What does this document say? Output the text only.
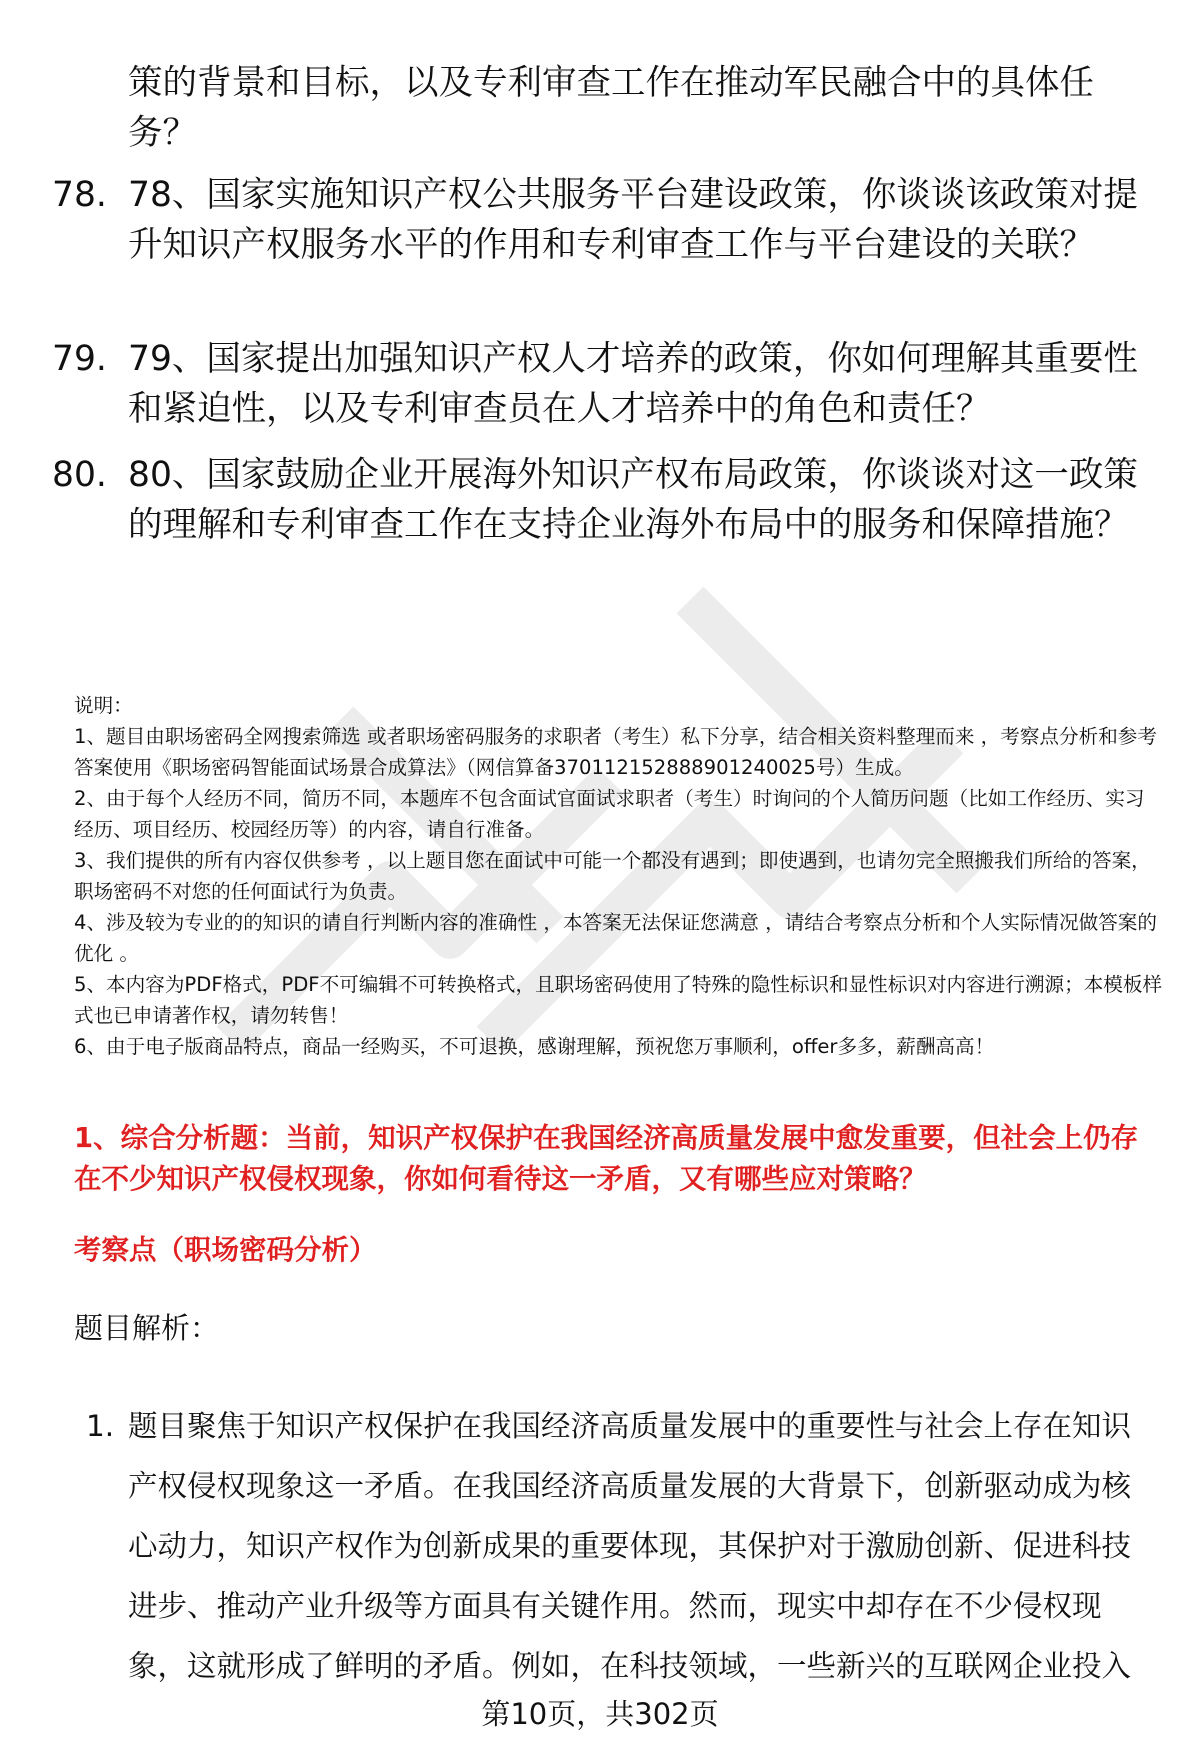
策的背景和目标，以及专利审查工作在推动军民融合中的具体任务？
78. 78、国家实施知识产权公共服务平台建设政策，你谈谈该政策对提升知识产权服务水平的作用和专利审查工作与平台建设的关联？
79. 79、国家提出加强知识产权人才培养的政策，你如何理解其重要性和紧迫性，以及专利审查员在人才培养中的角色和责任？
80. 80、国家鼓励企业开展海外知识产权布局政策，你谈谈对这一政策的理解和专利审查工作在支持企业海外布局中的服务和保障措施？

说明：

1、题目由职场密码全网搜索筛选 或者职场密码服务的求职者（考生）私下分享，结合相关资料整理而来 ，考察点分析和参考答案使用《职场密码智能面试场景合成算法》（网信算备370112152888901240025号）生成。

2、由于每个人经历不同，简历不同，本题库不包含面试官面试求职者（考生）时询问的个人简历问题（比如工作经历、实习经历、项目经历、校园经历等）的内容，请自行准备。

3、我们提供的所有内容仅供参考 ，以上题目您在面试中可能一个都没有遇到；即使遇到，也请勿完全照搬我们所给的答案，职场密码不对您的任何面试行为负责。

4、涉及较为专业的的知识的请自行判断内容的准确性 ，本答案无法保证您满意 ，请结合考察点分析和个人实际情况做答案的优化 。

5、本内容为PDF格式，PDF不可编辑不可转换格式，且职场密码使用了特殊的隐性标识和显性标识对内容进行溯源；本模板样式也已申请著作权，请勿转售！

6、由于电子版商品特点，商品一经购买，不可退换，感谢理解，预祝您万事顺利，offer多多，薪酬高高！

1、综合分析题：当前，知识产权保护在我国经济高质量发展中愈发重要，但社会上仍存在不少知识产权侵权现象，你如何看待这一矛盾，又有哪些应对策略？
考察点（职场密码分析）
题目解析：
1. 题目聚焦于知识产权保护在我国经济高质量发展中的重要性与社会上存在知识产权侵权现象这一矛盾。在我国经济高质量发展的大背景下，创新驱动成为核心动力，知识产权作为创新成果的重要体现，其保护对于激励创新、促进科技进步、推动产业升级等方面具有关键作用。然而，现实中却存在不少侵权现象，这就形成了鲜明的矛盾。例如，在科技领域，一些新兴的互联网企业投入
第10页，共302页
